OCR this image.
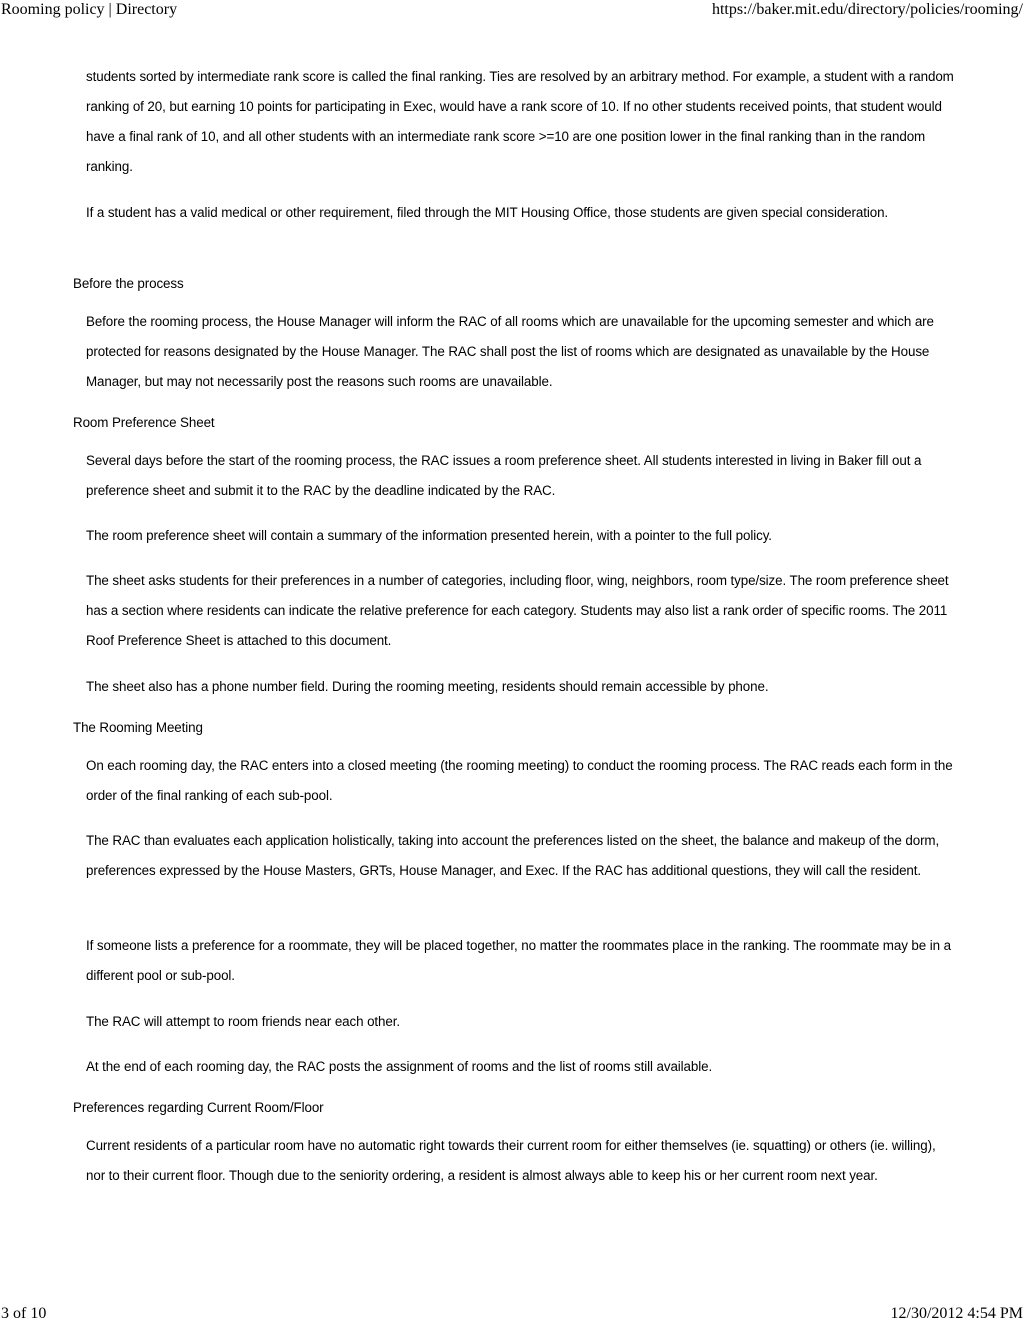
Rooming policy | Directory	https://baker.mit.edu/directory/policies/rooming/

students sorted by intermediate rank score is called the final ranking. Ties are resolved by an arbitrary method. For example, a student with a random ranking of 20, but earning 10 points for participating in Exec, would have a rank score of 10. If no other students received points, that student would have a final rank of 10, and all other students with an intermediate rank score >=10 are one position lower in the final ranking than in the random ranking.

If a student has a valid medical or other requirement, filed through the MIT Housing Office, those students are given special consideration.

Before the process

Before the rooming process, the House Manager will inform the RAC of all rooms which are unavailable for the upcoming semester and which are protected for reasons designated by the House Manager. The RAC shall post the list of rooms which are designated as unavailable by the House Manager, but may not necessarily post the reasons such rooms are unavailable.

Room Preference Sheet

Several days before the start of the rooming process, the RAC issues a room preference sheet. All students interested in living in Baker fill out a preference sheet and submit it to the RAC by the deadline indicated by the RAC.

The room preference sheet will contain a summary of the information presented herein, with a pointer to the full policy.

The sheet asks students for their preferences in a number of categories, including floor, wing, neighbors, room type/size. The room preference sheet has a section where residents can indicate the relative preference for each category. Students may also list a rank order of specific rooms. The 2011 Roof Preference Sheet is attached to this document.

The sheet also has a phone number field. During the rooming meeting, residents should remain accessible by phone.

The Rooming Meeting

On each rooming day, the RAC enters into a closed meeting (the rooming meeting) to conduct the rooming process. The RAC reads each form in the order of the final ranking of each sub-pool.

The RAC than evaluates each application holistically, taking into account the preferences listed on the sheet, the balance and makeup of the dorm, preferences expressed by the House Masters, GRTs, House Manager, and Exec. If the RAC has additional questions, they will call the resident.

If someone lists a preference for a roommate, they will be placed together, no matter the roommates place in the ranking. The roommate may be in a different pool or sub-pool.

The RAC will attempt to room friends near each other.

At the end of each rooming day, the RAC posts the assignment of rooms and the list of rooms still available.

Preferences regarding Current Room/Floor

Current residents of a particular room have no automatic right towards their current room for either themselves (ie. squatting) or others (ie. willing), nor to their current floor. Though due to the seniority ordering, a resident is almost always able to keep his or her current room next year.

3 of 10	12/30/2012 4:54 PM
